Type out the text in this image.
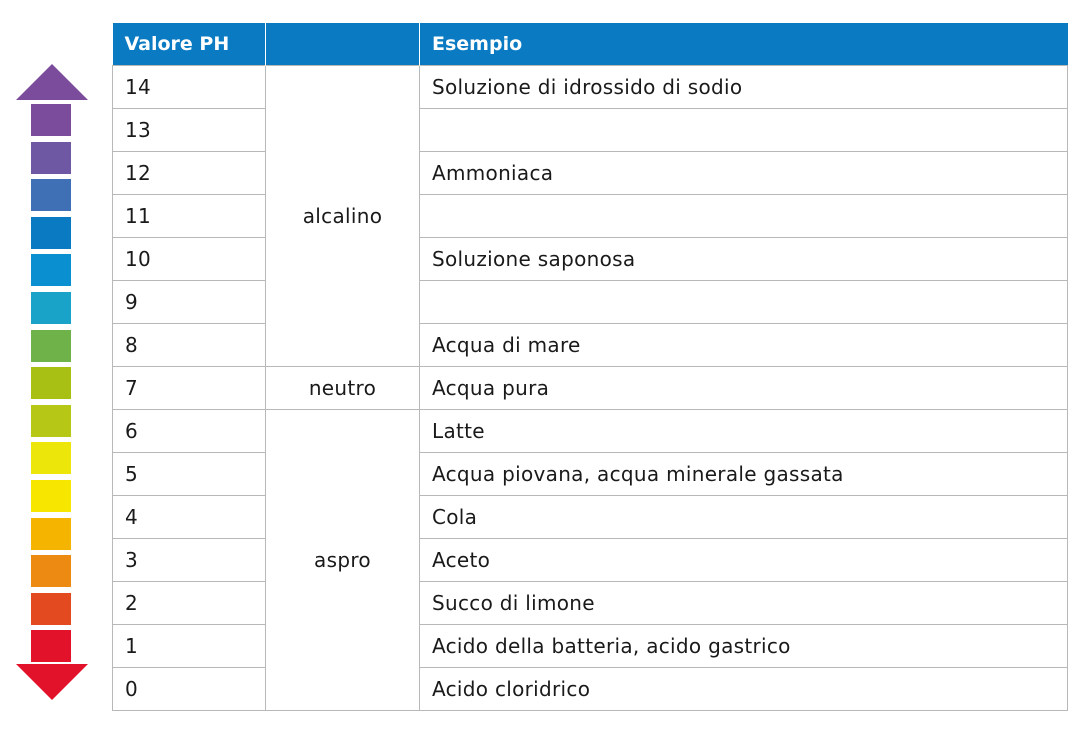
Valore PH		Esempio
14	alcalino	Soluzione di idrossido di sodio
13		
12		Ammoniaca
11		
10		Soluzione saponosa
9		
8		Acqua di mare
7	neutro	Acqua pura
6	aspro	Latte
5		Acqua piovana, acqua minerale gassata
4		Cola
3		Aceto
2		Succo di limone
1		Acido della batteria, acido gastrico
0		Acido cloridrico
